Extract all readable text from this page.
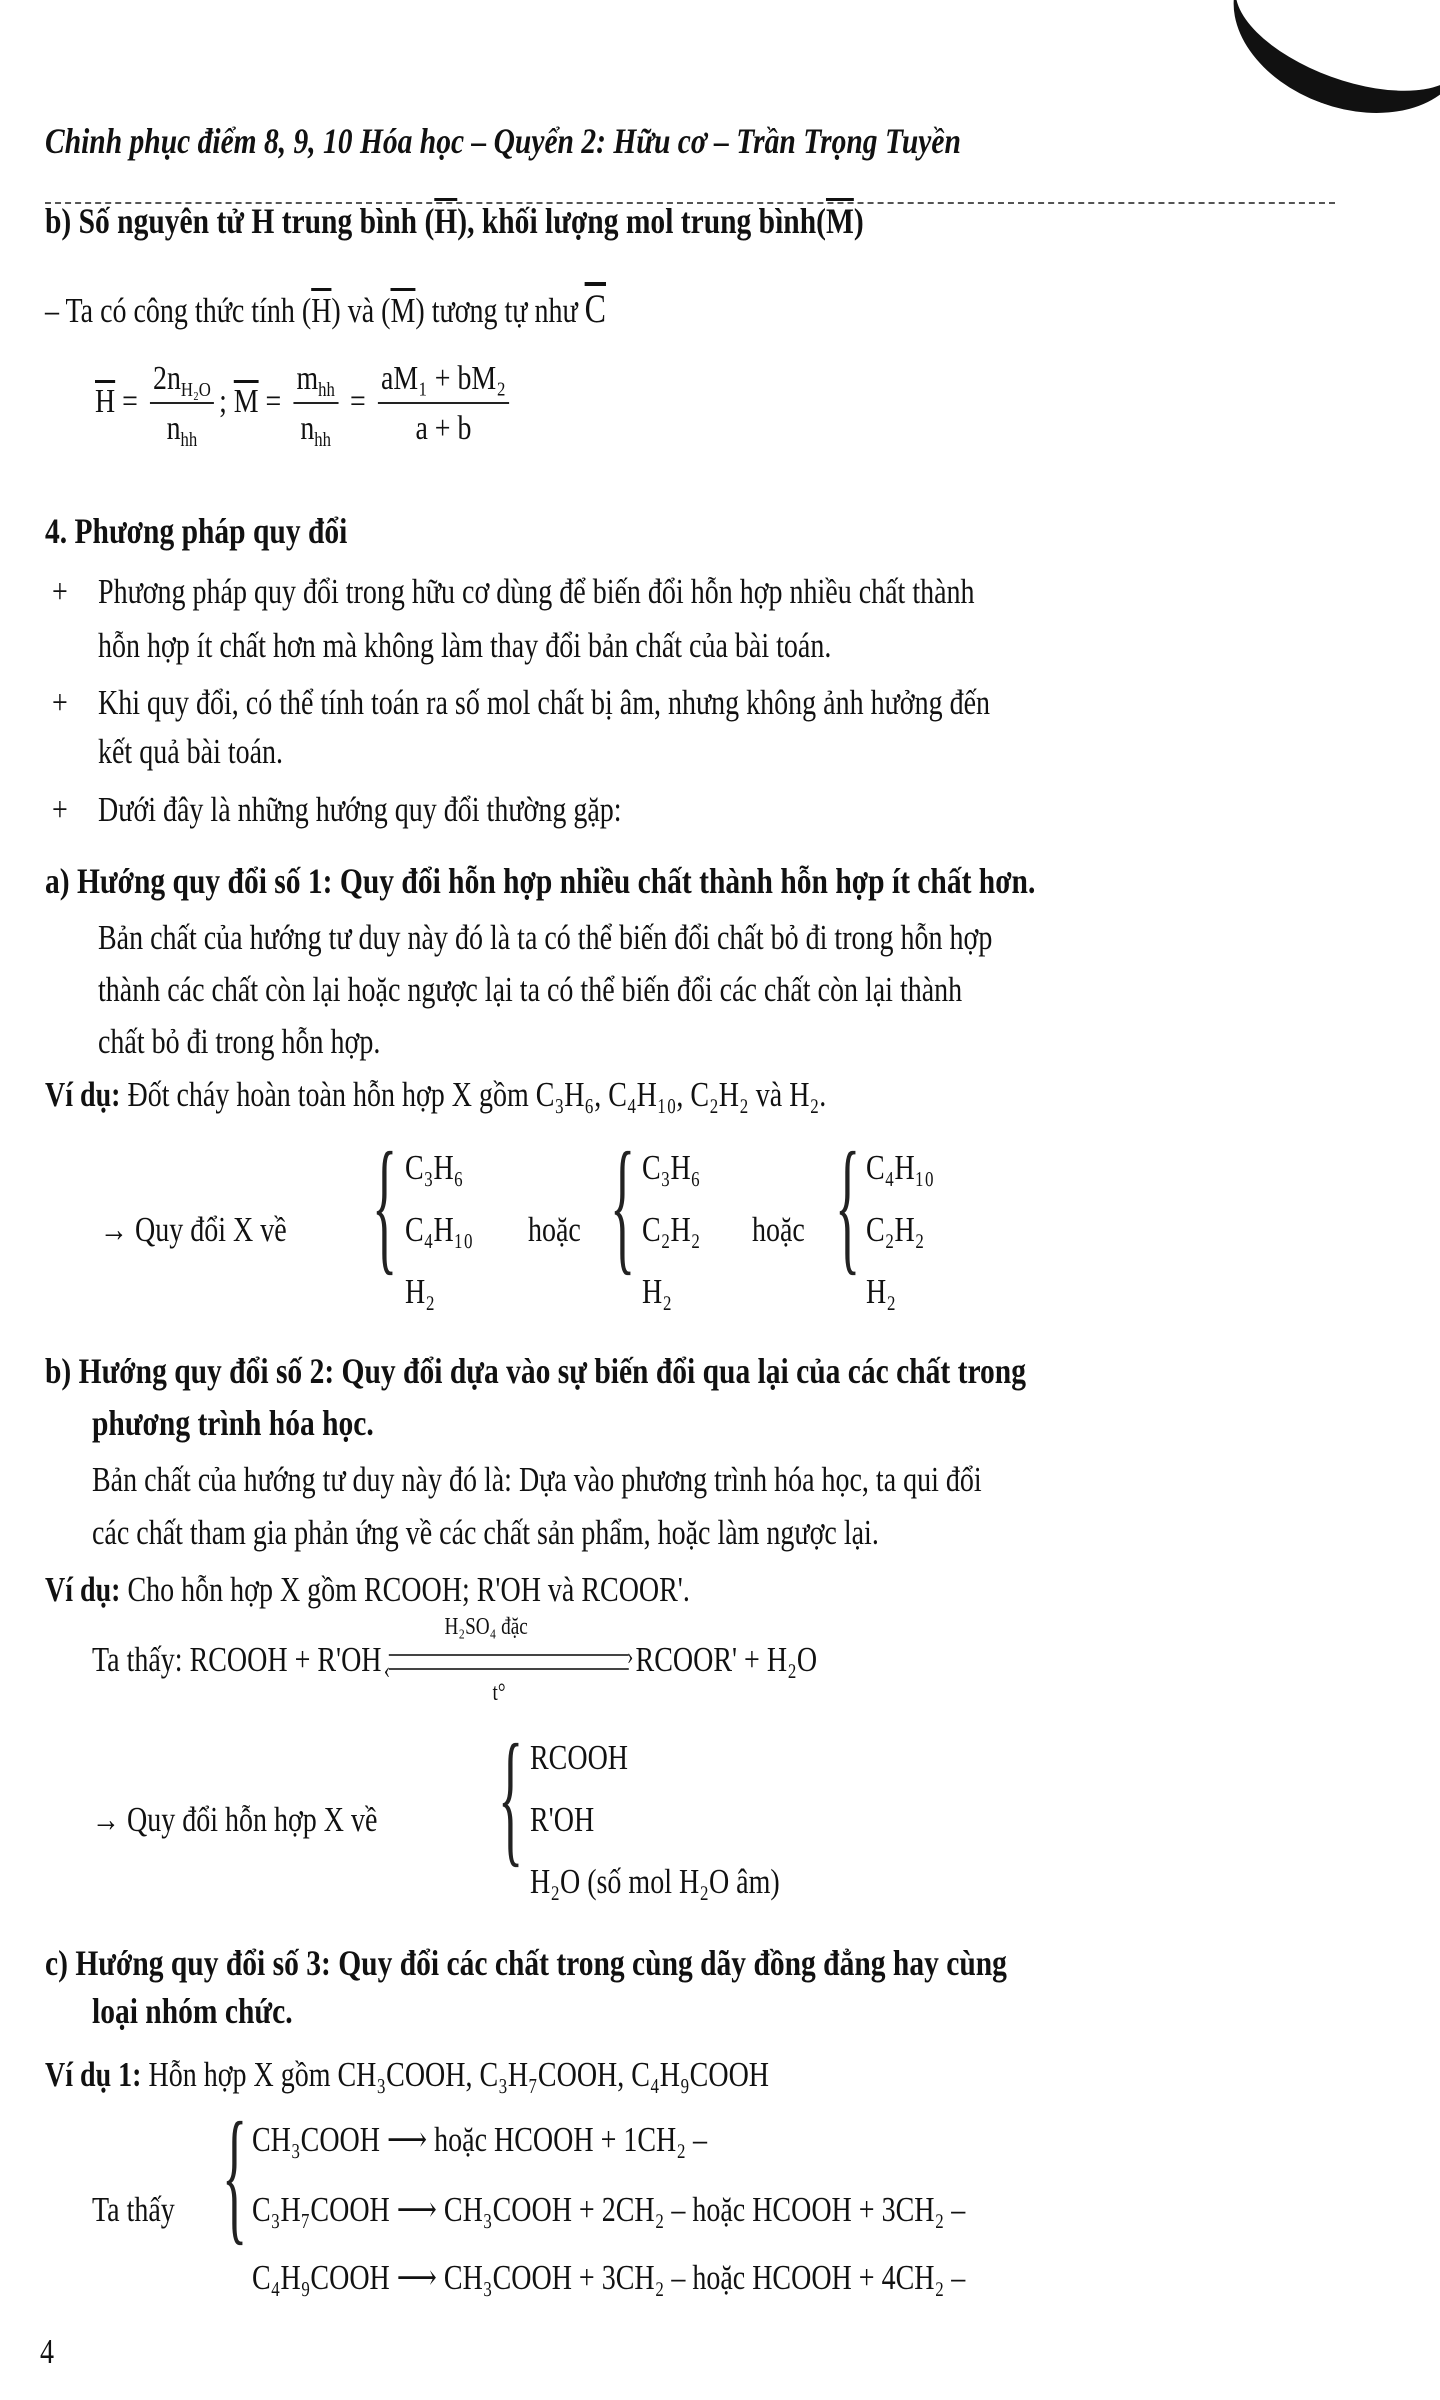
Chinh phục điểm 8, 9, 10 Hóa học – Quyển 2: Hữu cơ – Trần Trọng Tuyền
b) Số nguyên tử H trung bình $(\overline{H})$, khối lượng mol trung $bình(\overline{M})$
– Ta có công thức tính $(\overline{H})$ và $(\overline{M})$ tương tự như $\overline{C}$
$\overline{H} = \frac{2n_{H_2O}}{n_{hh}}$ ; $\overline{M} = \frac{m_{hh}}{n_{hh}} = \frac{\text{aM₁ + bM₂}}{a + b}$
4. Phương pháp quy đổi
+ Phương pháp quy đổi trong hữu cơ dùng để biến đổi hỗn hợp nhiều chất thành
hỗn hợp ít chất hơn mà không làm thay đổi bản chất của bài toán.
+ Khi quy đổi, có thể tính toán ra số mol chất bị âm, nhưng không ảnh hưởng đến
kết quả bài toán.
+ Dưới đây là những hướng quy đổi thường gặp:
a) Hướng quy đổi số 1: Quy đổi hỗn hợp nhiều chất thành hỗn hợp ít chất hơn.
Bản chất của hướng tư duy này đó là ta có thể biến đổi chất bỏ đi trong hỗn hợp
thành các chất còn lại hoặc ngược lại ta có thể biến đổi các chất còn lại thành
chất bỏ đi trong hỗn hợp.
Ví dụ: Đốt cháy hoàn toàn hỗn hợp X gồm C₃H₆, C₄H₁₀, C₂H₂ và H₂.
→ Quy đổi X về { C₃H₆
C₄H₁₀
H₂
hoặc { C₃H₆
C₂H₂
H₂
hoặc { C₄H₁₀
C₂H₂
H₂
b) Hướng quy đổi số 2: Quy đổi dựa vào sự biến đổi qua lại của các chất trong
phương trình hóa học.
Bản chất của hướng tư duy này đó là: Dựa vào phương trình hóa học, ta qui đổi
các chất tham gia phản ứng về các chất sản phẩm, hoặc làm ngược lại.
Ví dụ: Cho hỗn hợp X gồm RCOOH; R'OH và RCOOR'.
Ta thấy: RCOOH + R'OH
H₂SO₄ đặc
›
‹
t°
RCOOR' + H₂O
→ Quy đổi hỗn hợp X về { RCOOH
R'OH
H₂O (số mol H₂O âm)
c) Hướng quy đổi số 3: Quy đổi các chất trong cùng dãy đồng đẳng hay cùng
loại nhóm chức.
Ví dụ 1: Hỗn hợp X gồm CH₃COOH, C₃H₇COOH, C₄H₉COOH
Ta thấy { CH₃COOH ⟶ hoặc HCOOH + 1CH₂ –
C₃H₇COOH ⟶ CH₃COOH + 2CH₂ – hoặc HCOOH + 3CH₂ –
C₄H₉COOH ⟶ CH₃COOH + 3CH₂ – hoặc HCOOH + 4CH₂ –
4
